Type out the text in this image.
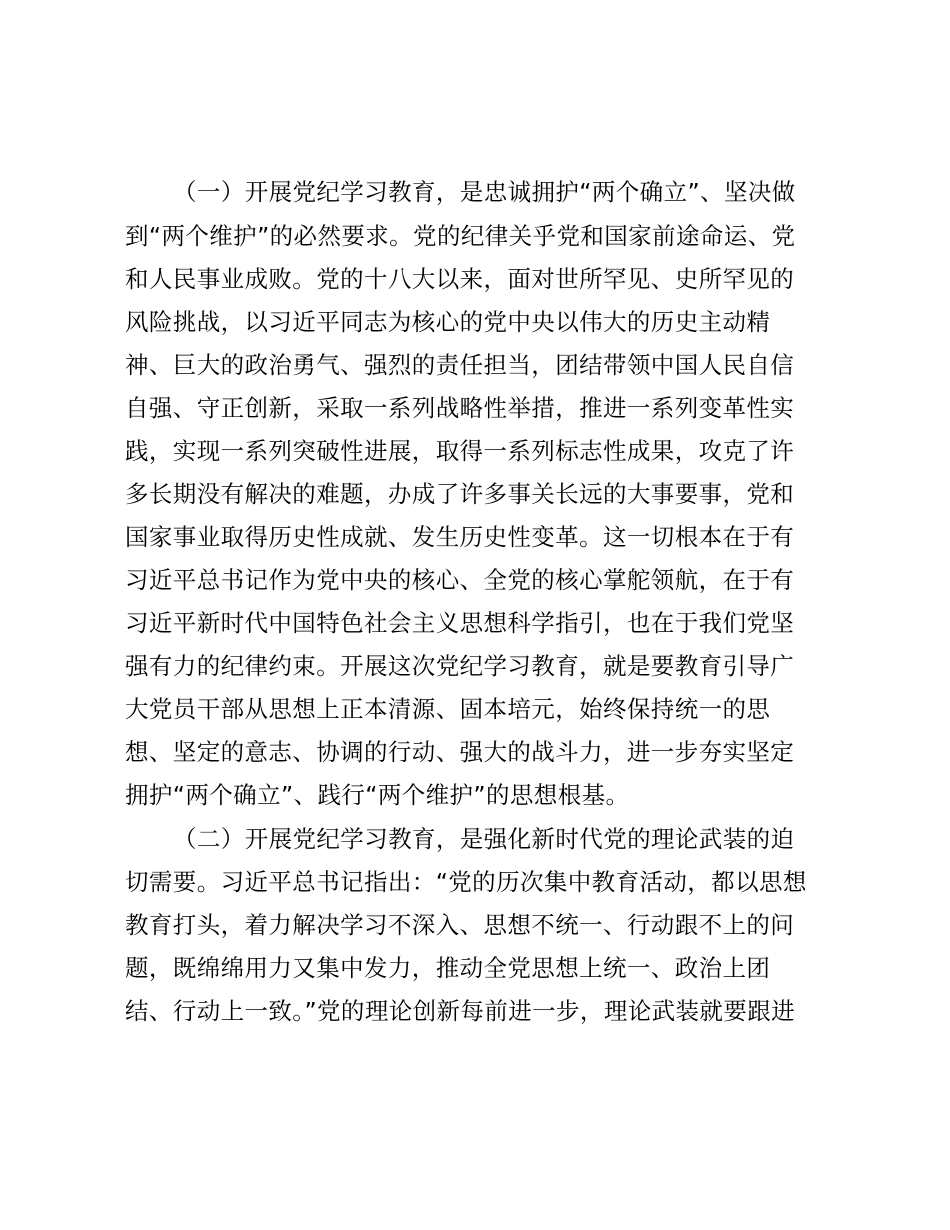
（一）开展党纪学习教育，是忠诚拥护“两个确立”、坚决做
到“两个维护”的必然要求。党的纪律关乎党和国家前途命运、党
和人民事业成败。党的十八大以来，面对世所罕见、史所罕见的
风险挑战，以习近平同志为核心的党中央以伟大的历史主动精
神、巨大的政治勇气、强烈的责任担当，团结带领中国人民自信
自强、守正创新，采取一系列战略性举措，推进一系列变革性实
践，实现一系列突破性进展，取得一系列标志性成果，攻克了许
多长期没有解决的难题，办成了许多事关长远的大事要事，党和
国家事业取得历史性成就、发生历史性变革。这一切根本在于有
习近平总书记作为党中央的核心、全党的核心掌舵领航，在于有
习近平新时代中国特色社会主义思想科学指引，也在于我们党坚
强有力的纪律约束。开展这次党纪学习教育，就是要教育引导广
大党员干部从思想上正本清源、固本培元，始终保持统一的思
想、坚定的意志、协调的行动、强大的战斗力，进一步夯实坚定
拥护“两个确立”、践行“两个维护”的思想根基。
（二）开展党纪学习教育，是强化新时代党的理论武装的迫
切需要。习近平总书记指出：“党的历次集中教育活动，都以思想
教育打头，着力解决学习不深入、思想不统一、行动跟不上的问
题，既绵绵用力又集中发力，推动全党思想上统一、政治上团
结、行动上一致。”党的理论创新每前进一步，理论武装就要跟进
